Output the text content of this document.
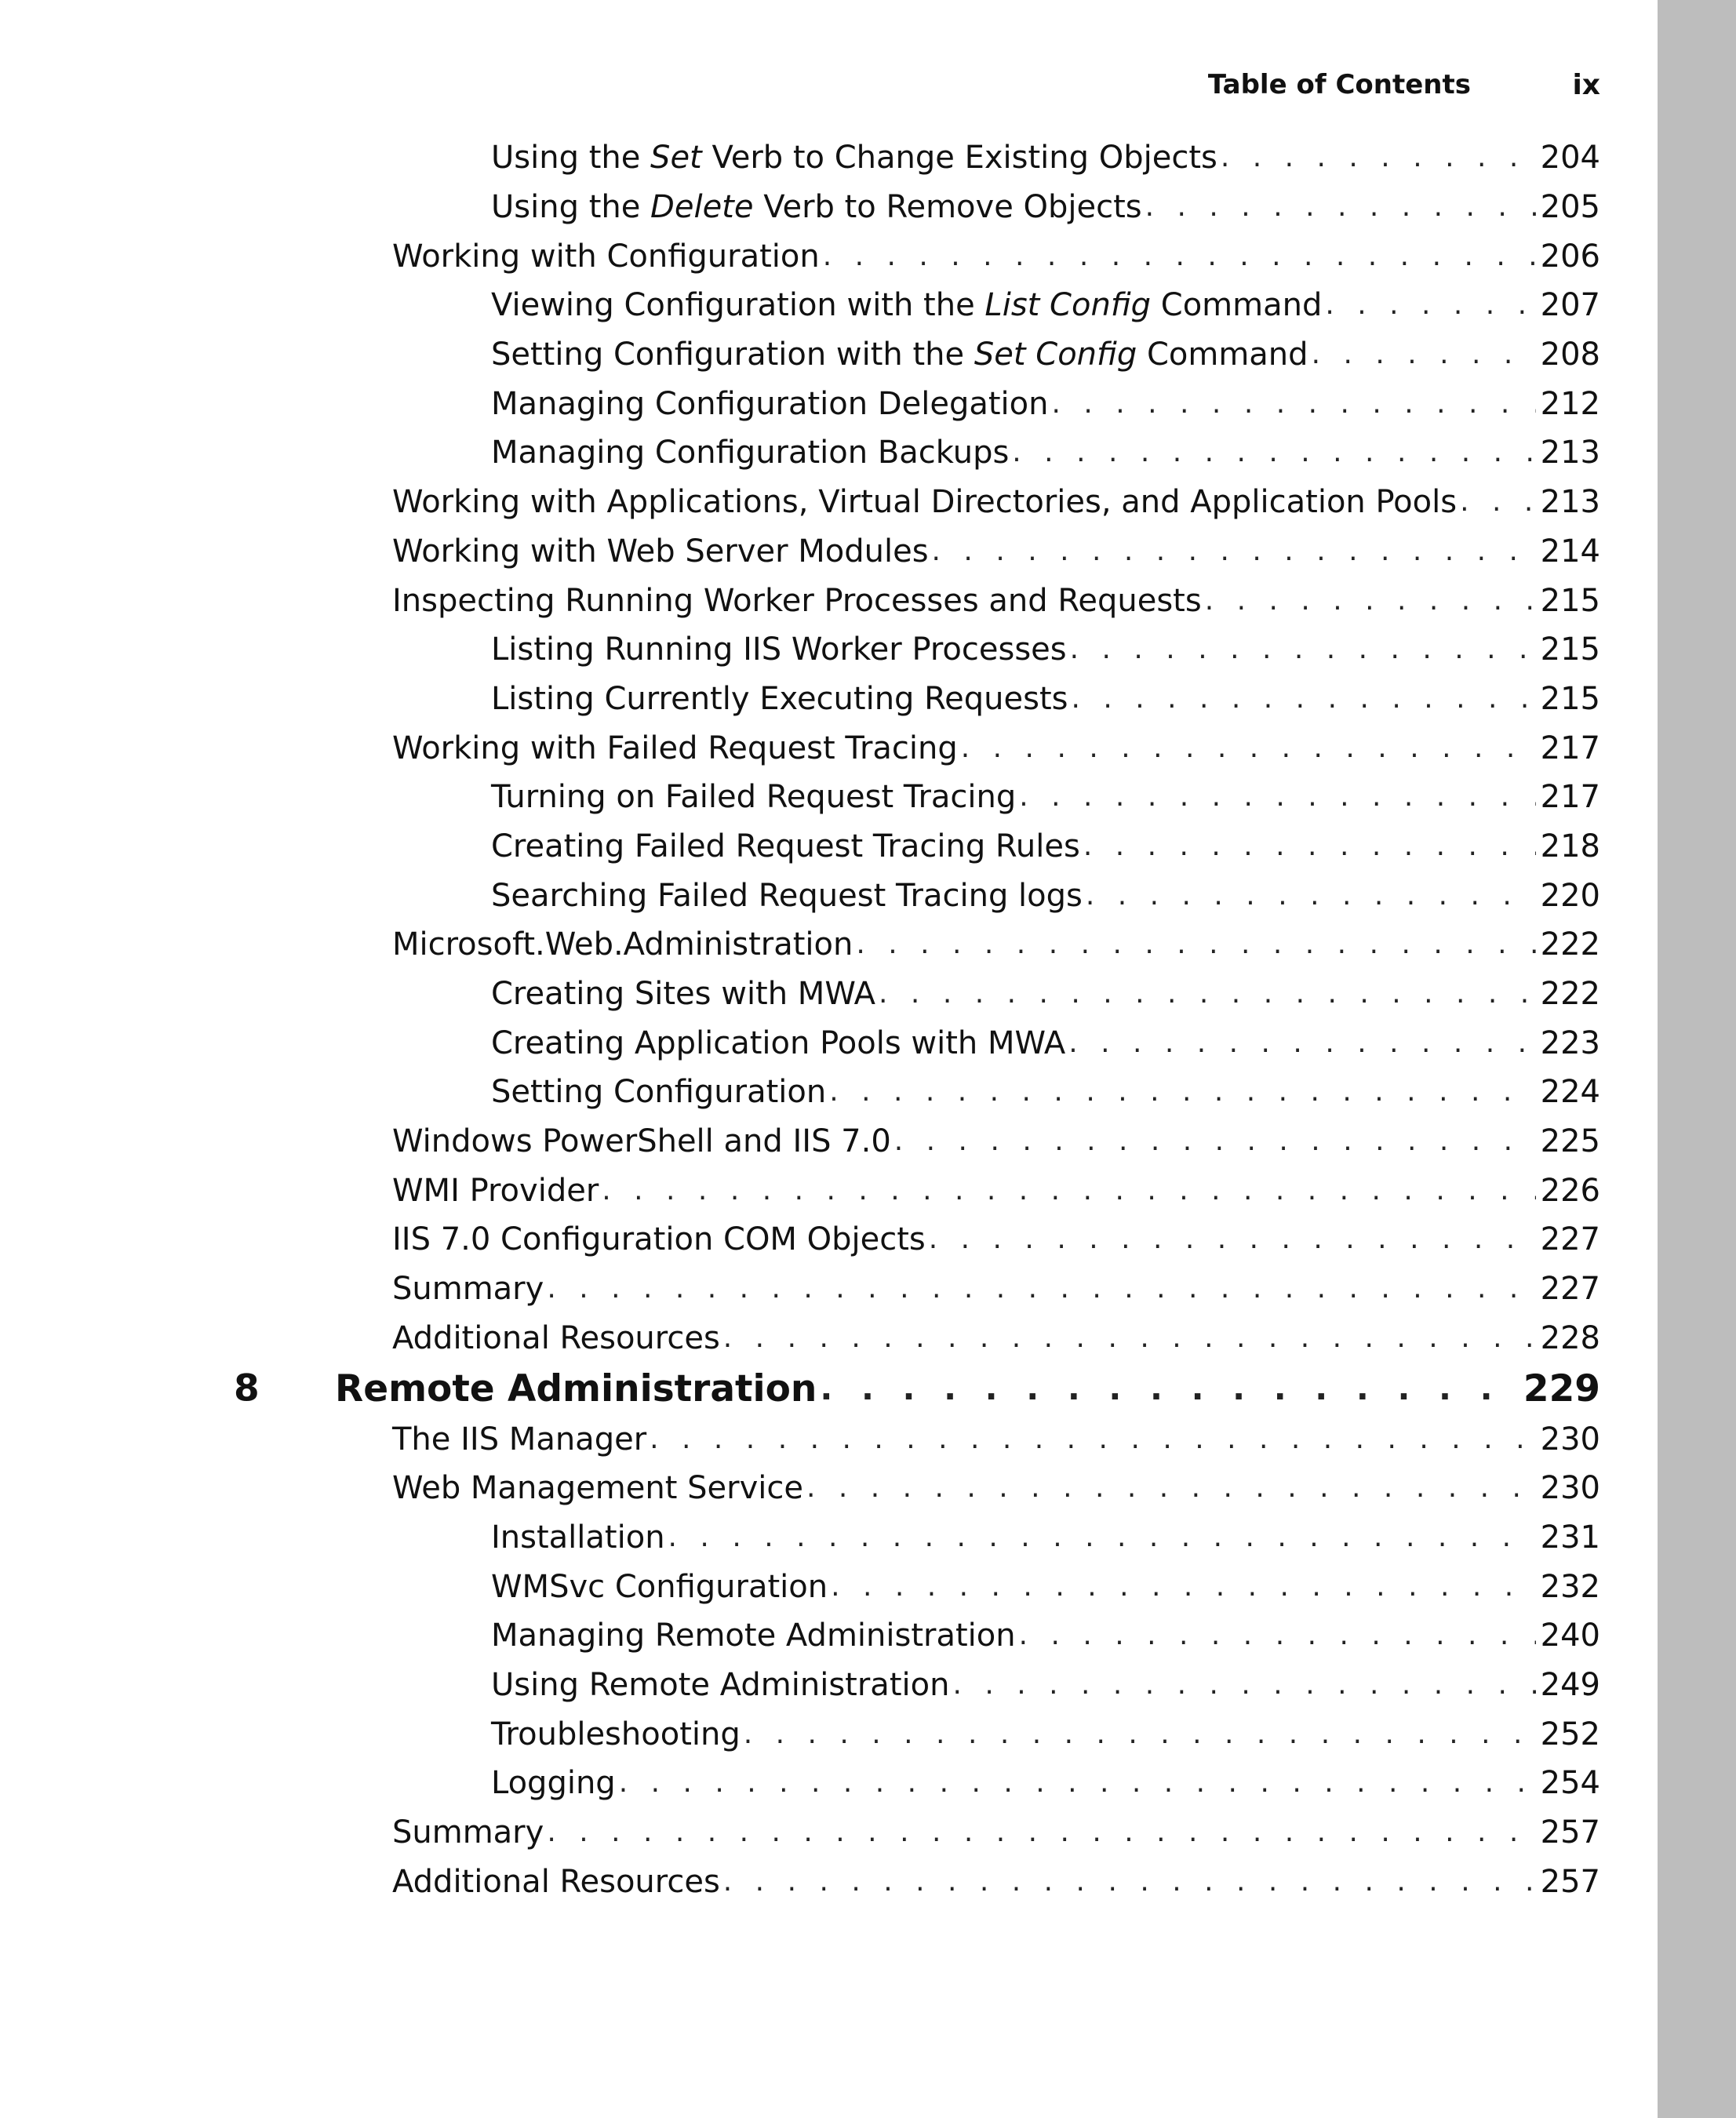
Table of Contents	ix
Using the Set Verb to Change Existing Objects . . .	204
Using the Delete Verb to Remove Objects . . .	205
Working with Configuration . . .	206
Viewing Configuration with the List Config Command . . .	207
Setting Configuration with the Set Config Command . . .	208
Managing Configuration Delegation . . .	212
Managing Configuration Backups . . .	213
Working with Applications, Virtual Directories, and Application Pools . . .	213
Working with Web Server Modules . . .	214
Inspecting Running Worker Processes and Requests . . .	215
Listing Running IIS Worker Processes . . .	215
Listing Currently Executing Requests . . .	215
Working with Failed Request Tracing . . .	217
Turning on Failed Request Tracing . . .	217
Creating Failed Request Tracing Rules . . .	218
Searching Failed Request Tracing logs . . .	220
Microsoft.Web.Administration . . .	222
Creating Sites with MWA . . .	222
Creating Application Pools with MWA . . .	223
Setting Configuration . . .	224
Windows PowerShell and IIS 7.0 . . .	225
WMI Provider . . .	226
IIS 7.0 Configuration COM Objects . . .	227
Summary . . .	227
Additional Resources . . .	228
8 Remote Administration . . .	229
The IIS Manager . . .	230
Web Management Service . . .	230
Installation . . .	231
WMSvc Configuration . . .	232
Managing Remote Administration . . .	240
Using Remote Administration . . .	249
Troubleshooting . . .	252
Logging . . .	254
Summary . . .	257
Additional Resources . . .	257
